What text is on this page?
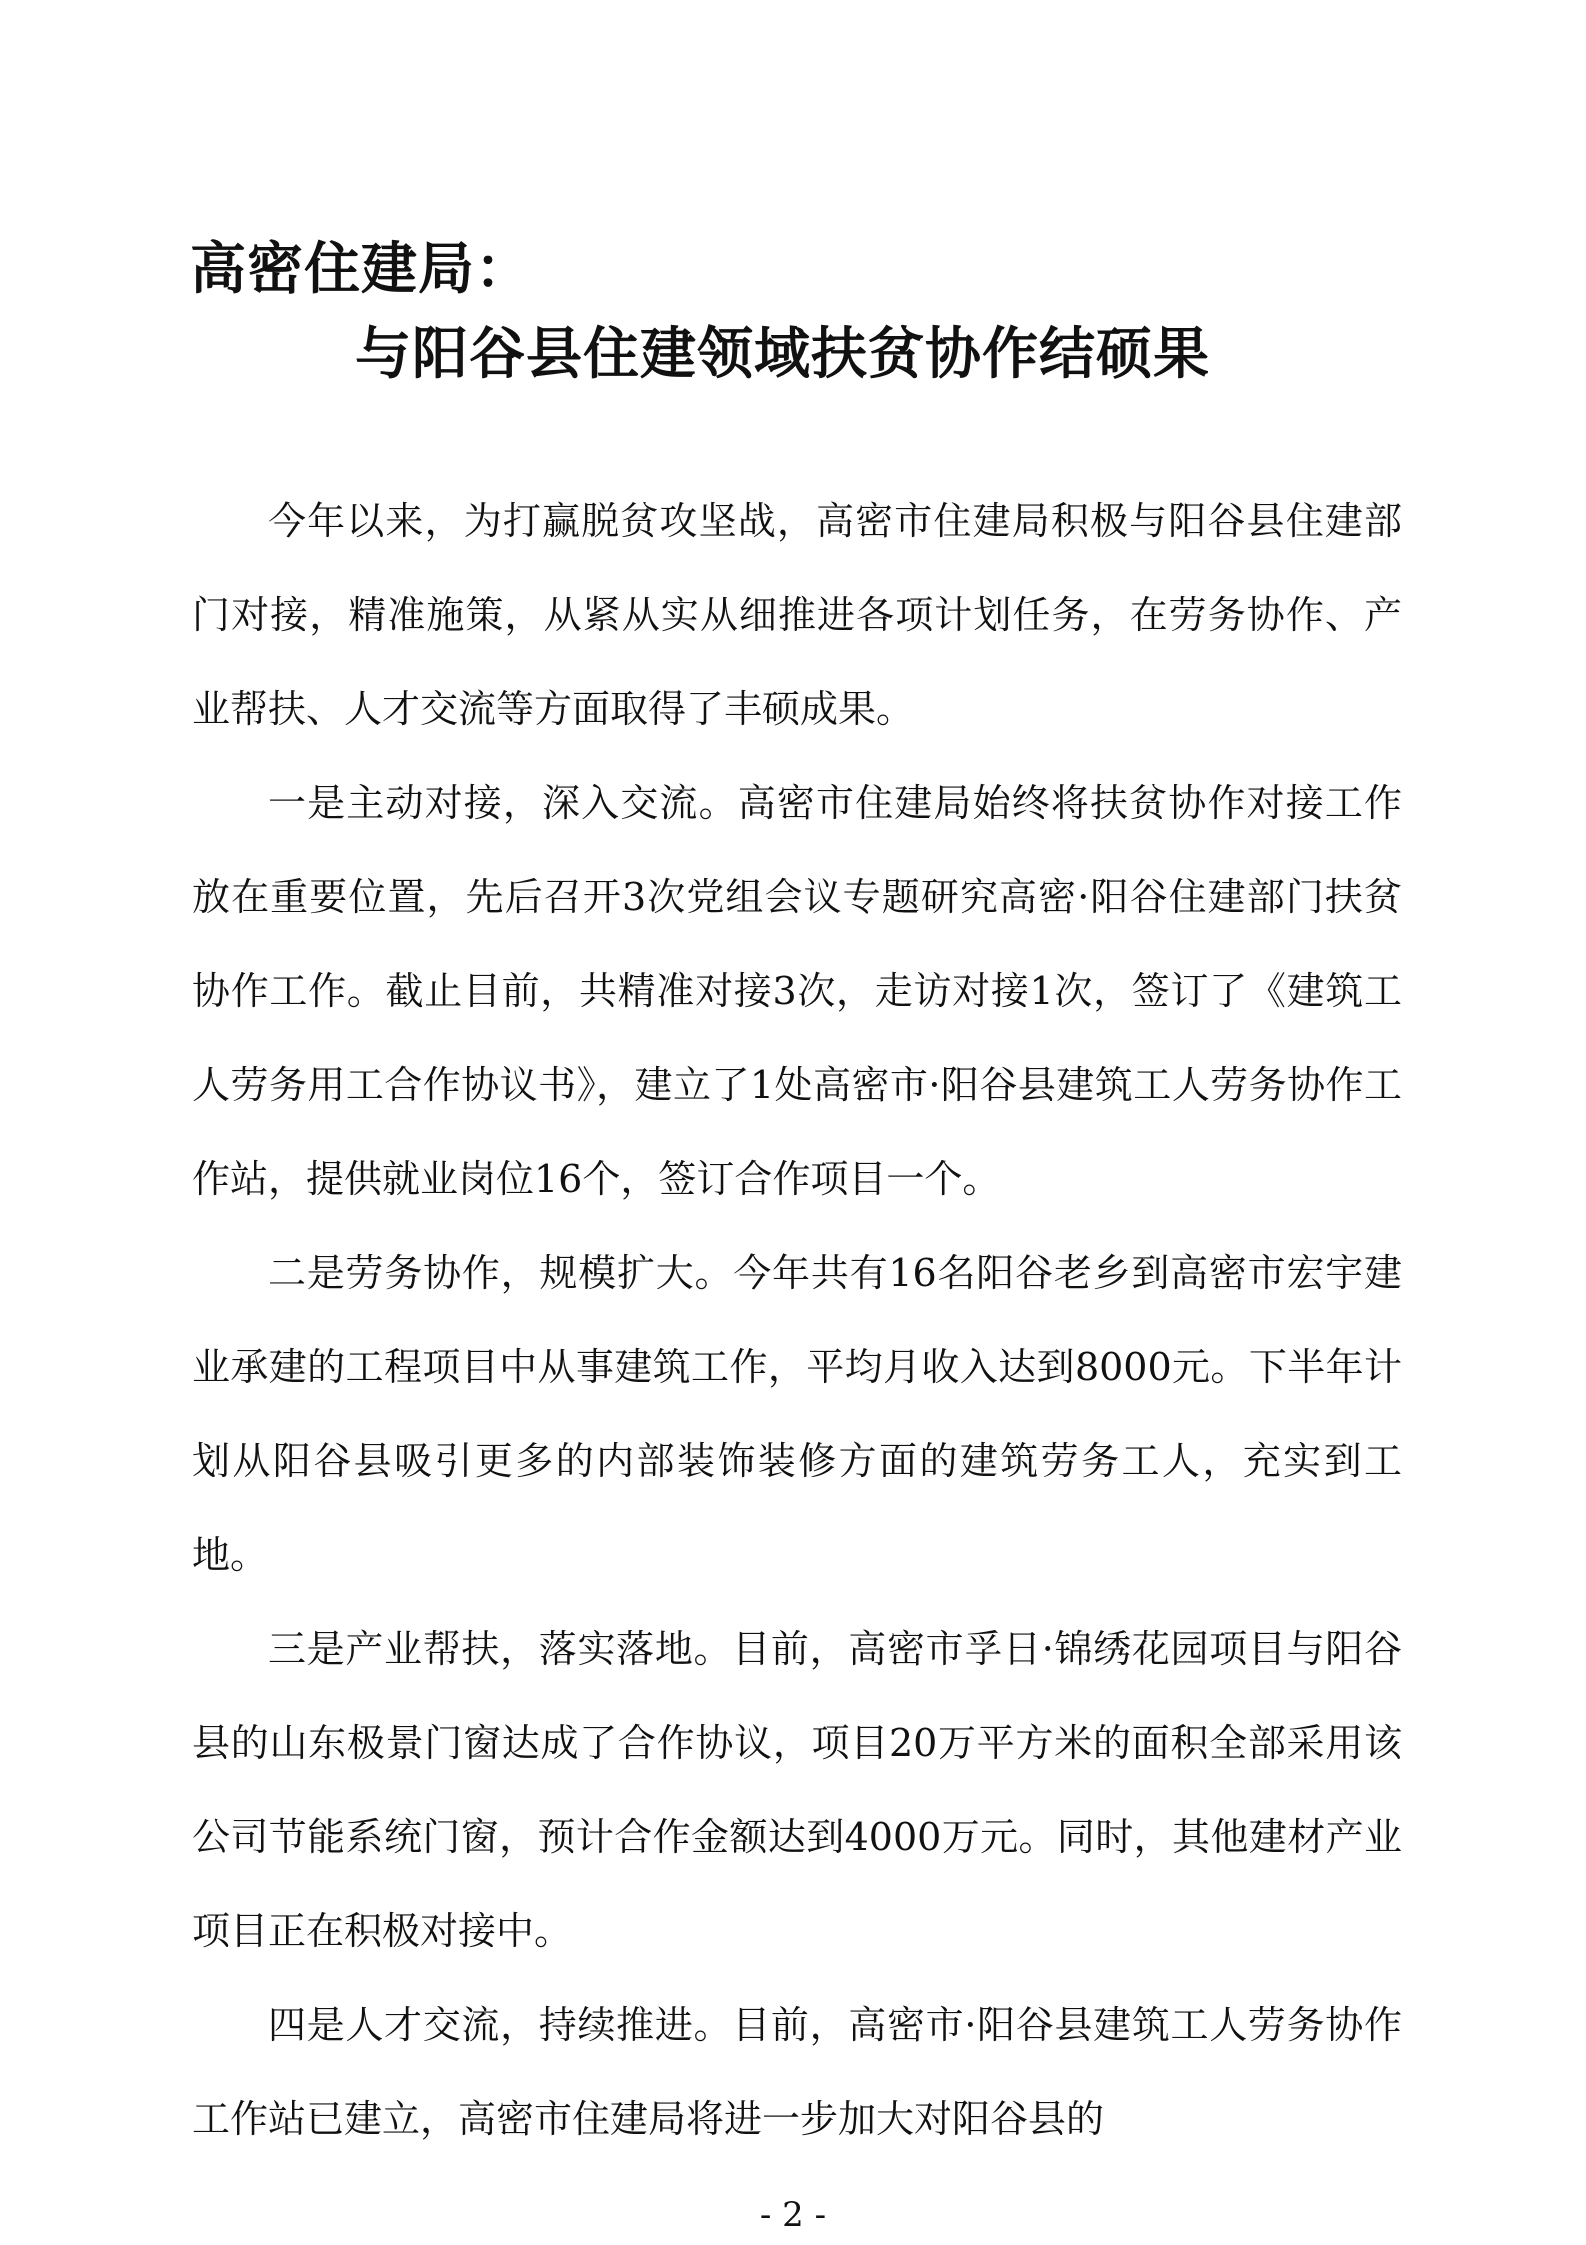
高密住建局：
与阳谷县住建领域扶贫协作结硕果

今年以来，为打赢脱贫攻坚战，高密市住建局积极与阳谷县住建部门对接，精准施策，从紧从实从细推进各项计划任务，在劳务协作、产业帮扶、人才交流等方面取得了丰硕成果。

一是主动对接，深入交流。高密市住建局始终将扶贫协作对接工作放在重要位置，先后召开3次党组会议专题研究高密·阳谷住建部门扶贫协作工作。截止目前，共精准对接3次，走访对接1次，签订了《建筑工人劳务用工合作协议书》，建立了1处高密市·阳谷县建筑工人劳务协作工作站，提供就业岗位16个，签订合作项目一个。

二是劳务协作，规模扩大。今年共有16名阳谷老乡到高密市宏宇建业承建的工程项目中从事建筑工作，平均月收入达到8000元。下半年计划从阳谷县吸引更多的内部装饰装修方面的建筑劳务工人，充实到工地。

三是产业帮扶，落实落地。目前，高密市孚日·锦绣花园项目与阳谷县的山东极景门窗达成了合作协议，项目20万平方米的面积全部采用该公司节能系统门窗，预计合作金额达到4000万元。同时，其他建材产业项目正在积极对接中。

四是人才交流，持续推进。目前，高密市·阳谷县建筑工人劳务协作工作站已建立，高密市住建局将进一步加大对阳谷县的

- 2 -
